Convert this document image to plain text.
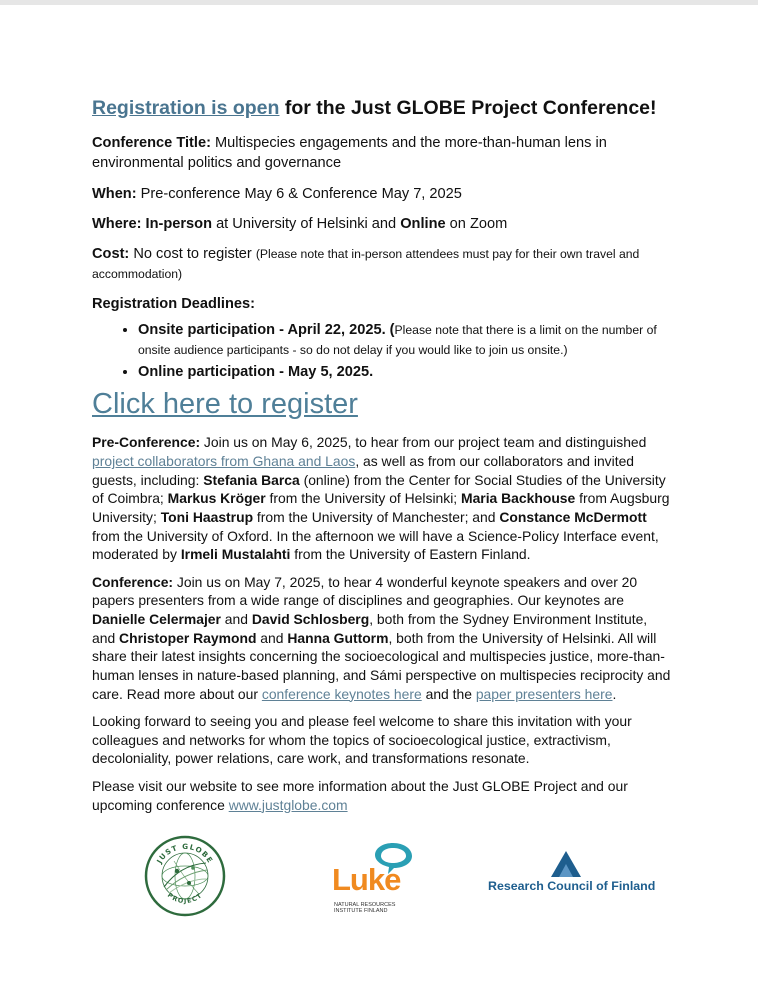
Registration is open for the Just GLOBE Project Conference!

Conference Title: Multispecies engagements and the more-than-human lens in environmental politics and governance

When: Pre-conference May 6 & Conference May 7, 2025

Where: In-person at University of Helsinki and Online on Zoom

Cost: No cost to register (Please note that in-person attendees must pay for their own travel and accommodation)

Registration Deadlines:

• Onsite participation - April 22, 2025. (Please note that there is a limit on the number of onsite audience participants - so do not delay if you would like to join us onsite.)
• Online participation - May 5, 2025.
Click here to register

Pre-Conference: Join us on May 6, 2025, to hear from our project team and distinguished project collaborators from Ghana and Laos, as well as from our collaborators and invited guests, including: Stefania Barca (online) from the Center for Social Studies of the University of Coimbra; Markus Kröger from the University of Helsinki; Maria Backhouse from Augsburg University; Toni Haastrup from the University of Manchester; and Constance McDermott from the University of Oxford. In the afternoon we will have a Science-Policy Interface event, moderated by Irmeli Mustalahti from the University of Eastern Finland.

Conference: Join us on May 7, 2025, to hear 4 wonderful keynote speakers and over 20 papers presenters from a wide range of disciplines and geographies. Our keynotes are Danielle Celermajer and David Schlosberg, both from the Sydney Environment Institute, and Christoper Raymond and Hanna Guttorm, both from the University of Helsinki. All will share their latest insights concerning the socioecological and multispecies justice, more-than-human lenses in nature-based planning, and Sámi perspective on multispecies reciprocity and care. Read more about our conference keynotes here and the paper presenters here.

Looking forward to seeing you and please feel welcome to share this invitation with your colleagues and networks for whom the topics of socioecological justice, extractivism, decoloniality, power relations, care work, and transformations resonate.

Please visit our website to see more information about the Just GLOBE Project and our upcoming conference www.justglobe.com

JUST GLOBE
PROJECT	Luke
NATURAL RESOURCES
INSTITUTE FINLAND
Research Council of Finland
